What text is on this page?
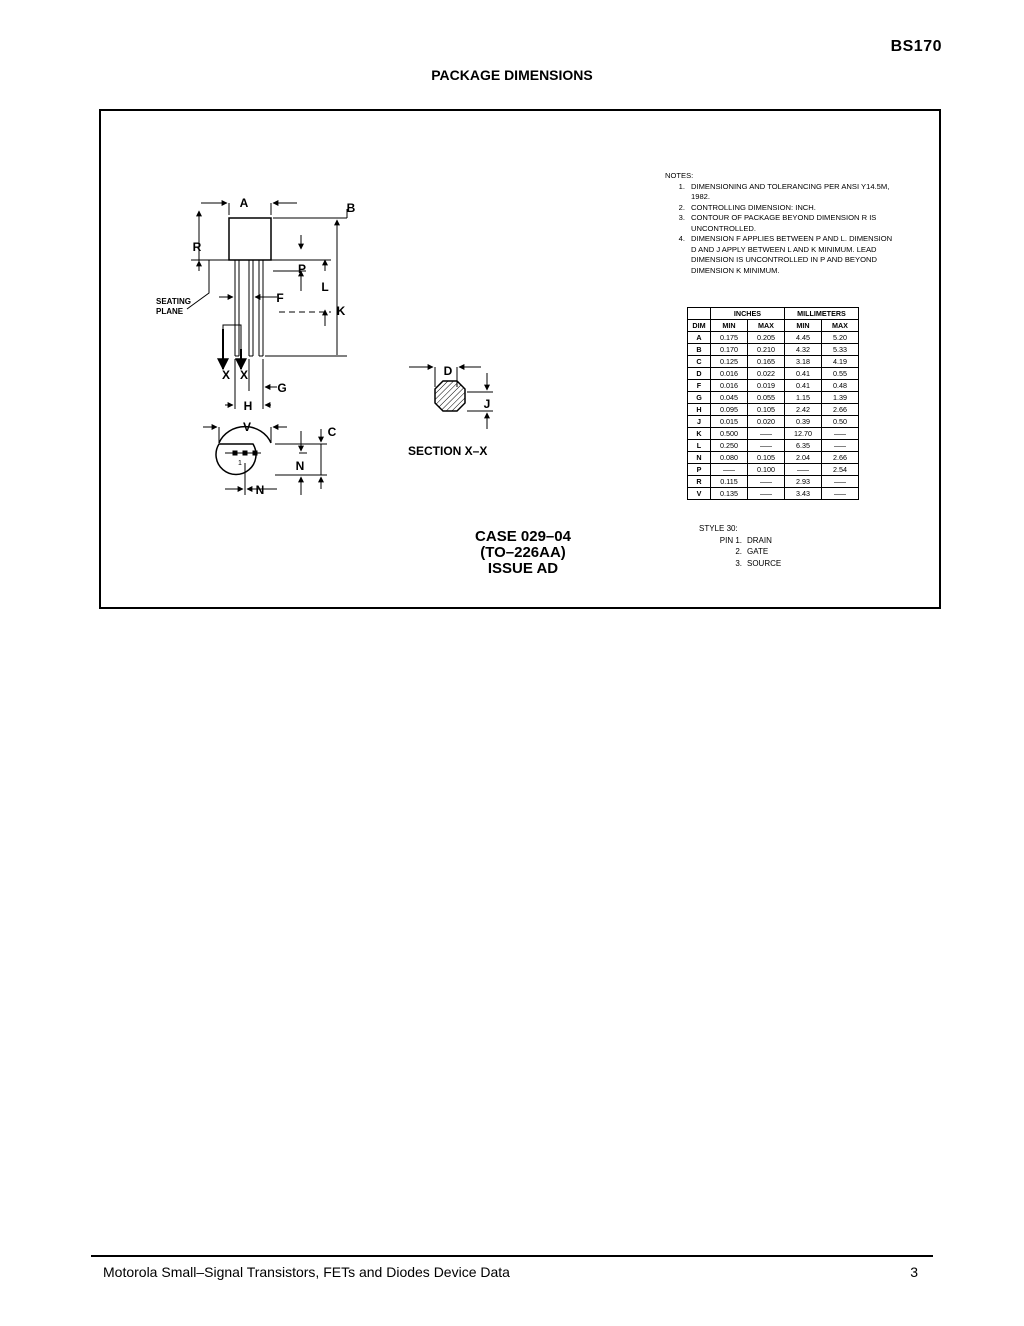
BS170
PACKAGE DIMENSIONS
A	B
R
P
L
F
K
SEATING
PLANE
X X
G
H
V	C
N
N
1
D
J
SECTION X–X
NOTES:
1. DIMENSIONING AND TOLERANCING PER ANSI Y14.5M, 1982.
2. CONTROLLING DIMENSION: INCH.
3. CONTOUR OF PACKAGE BEYOND DIMENSION R IS UNCONTROLLED.
4. DIMENSION F APPLIES BETWEEN P AND L. DIMENSION D AND J APPLY BETWEEN L AND K MINIMUM. LEAD DIMENSION IS UNCONTROLLED IN P AND BEYOND DIMENSION K MINIMUM.
	INCHES		MILLIMETERS	
DIM	MIN	MAX	MIN	MAX
A	0.175	0.205	4.45	5.20
B	0.170	0.210	4.32	5.33
C	0.125	0.165	3.18	4.19
D	0.016	0.022	0.41	0.55
F	0.016	0.019	0.41	0.48
G	0.045	0.055	1.15	1.39
H	0.095	0.105	2.42	2.66
J	0.015	0.020	0.39	0.50
K	0.500	–––	12.70	–––
L	0.250	–––	6.35	–––
N	0.080	0.105	2.04	2.66
P	–––	0.100	–––	2.54
R	0.115	–––	2.93	–––
V	0.135	–––	3.43	–––
CASE 029–04
(TO–226AA)
ISSUE AD
STYLE 30:
PIN 1. DRAIN
2. GATE
3. SOURCE
Motorola Small–Signal Transistors, FETs and Diodes Device Data	3
